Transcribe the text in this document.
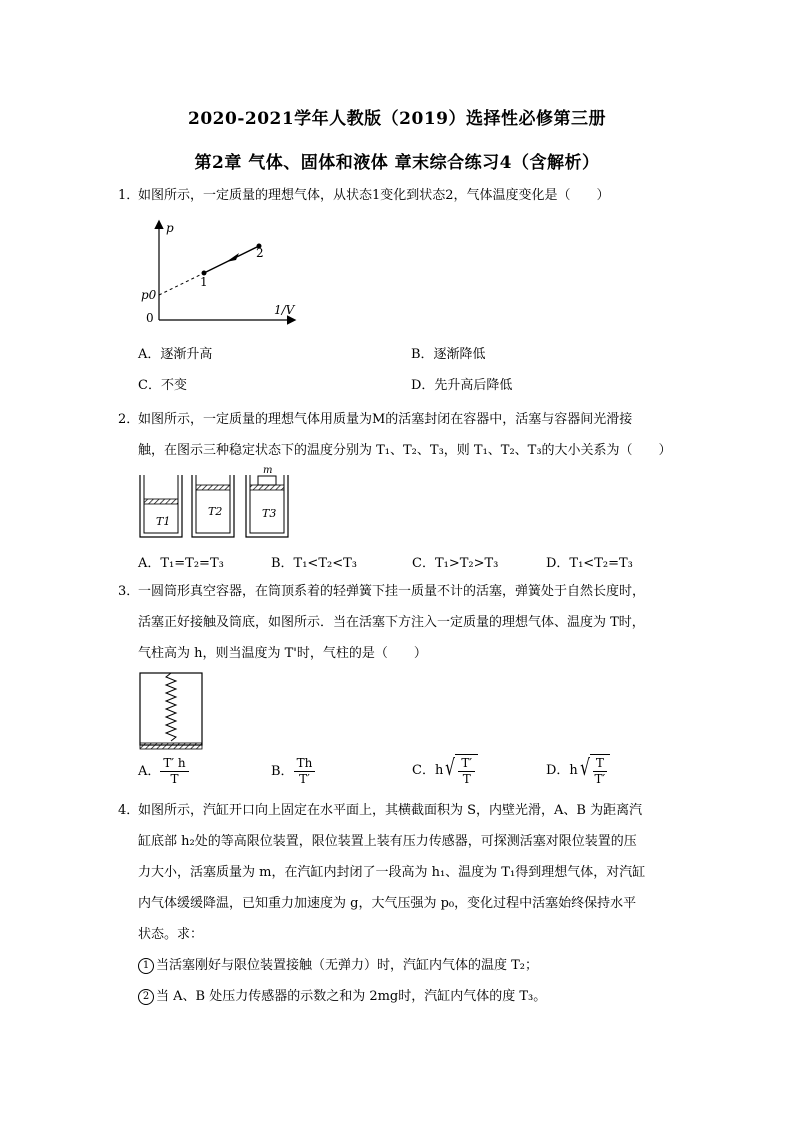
2020-2021学年人教版（2019）选择性必修第三册
第2章 气体、固体和液体 章末综合练习4（含解析）
1．如图所示，一定质量的理想气体，从状态1变化到状态2，气体温度变化是（　　）
p
1/V
0
p0
1
2
A．逐渐升高	B．逐渐降低
C．不变	D．先升高后降低
2．如图所示，一定质量的理想气体用质量为M的活塞封闭在容器中，活塞与容器间光滑接
触，在图示三种稳定状态下的温度分别为 T₁、T₂、T₃，则 T₁、T₂、T₃的大小关系为（　　）
T1
T2
m
T3
A．T₁=T₂=T₃	B．T₁<T₂<T₃	C．T₁>T₂>T₃	D．T₁<T₂=T₃
3．一圆筒形真空容器，在筒顶系着的轻弹簧下挂一质量不计的活塞，弹簧处于自然长度时，
活塞正好接触及筒底，如图所示．当在活塞下方注入一定质量的理想气体、温度为 T时，
气柱高为 h，则当温度为 T'时，气柱的是（　　）
A． $\frac{T' h}{T}$	B． $\frac{Th}{T'}$	C．h √ $\frac{T'}{T}$	D．h √ $\frac{T}{T'}$
4．如图所示，汽缸开口向上固定在水平面上，其横截面积为 S，内壁光滑，A、B 为距离汽
缸底部 h₂处的等高限位装置，限位装置上装有压力传感器，可探测活塞对限位装置的压
力大小，活塞质量为 m，在汽缸内封闭了一段高为 h₁、温度为 T₁得到理想气体，对汽缸
内气体缓缓降温，已知重力加速度为 g，大气压强为 p₀，变化过程中活塞始终保持水平
状态。求：
1 当活塞刚好与限位装置接触（无弹力）时，汽缸内气体的温度 T₂；
2 当 A、B 处压力传感器的示数之和为 2mg时，汽缸内气体的度 T₃。
